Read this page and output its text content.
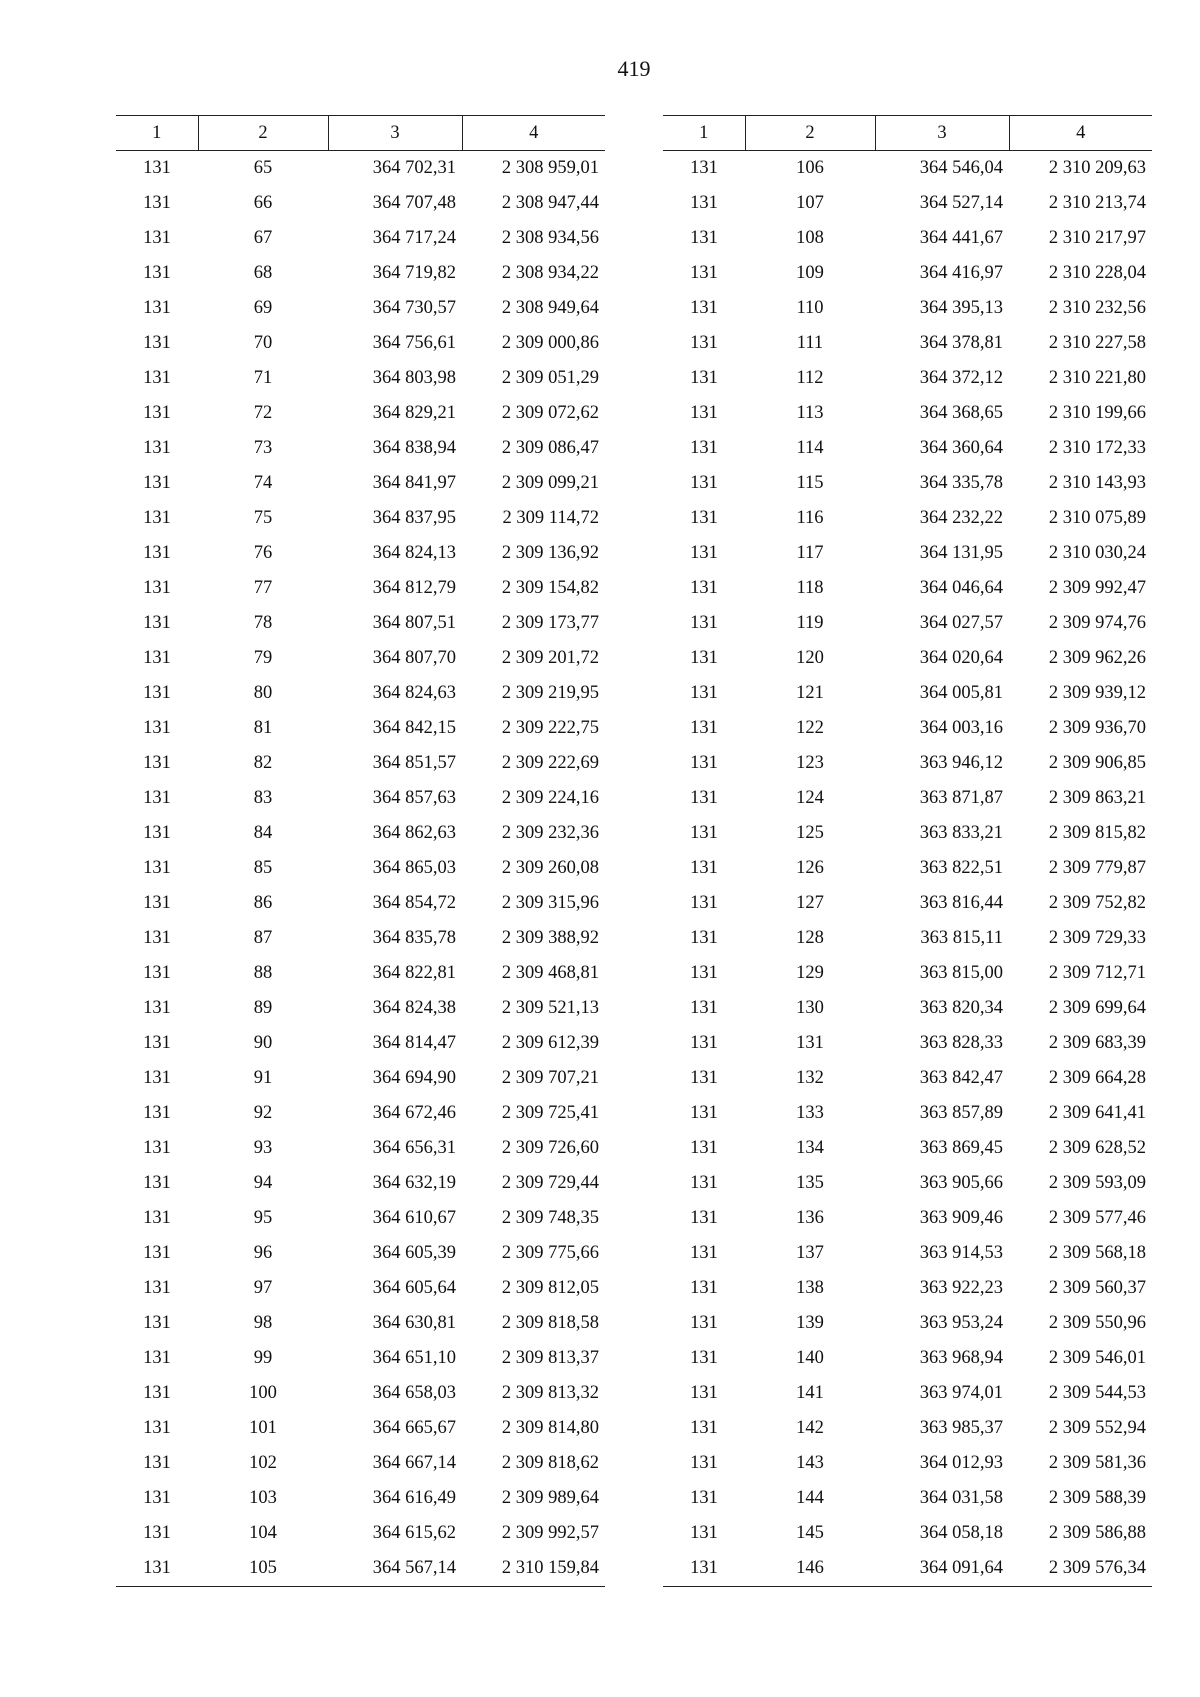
419
1	2	3	4
131	65	364 702,31	2 308 959,01
131	66	364 707,48	2 308 947,44
131	67	364 717,24	2 308 934,56
131	68	364 719,82	2 308 934,22
131	69	364 730,57	2 308 949,64
131	70	364 756,61	2 309 000,86
131	71	364 803,98	2 309 051,29
131	72	364 829,21	2 309 072,62
131	73	364 838,94	2 309 086,47
131	74	364 841,97	2 309 099,21
131	75	364 837,95	2 309 114,72
131	76	364 824,13	2 309 136,92
131	77	364 812,79	2 309 154,82
131	78	364 807,51	2 309 173,77
131	79	364 807,70	2 309 201,72
131	80	364 824,63	2 309 219,95
131	81	364 842,15	2 309 222,75
131	82	364 851,57	2 309 222,69
131	83	364 857,63	2 309 224,16
131	84	364 862,63	2 309 232,36
131	85	364 865,03	2 309 260,08
131	86	364 854,72	2 309 315,96
131	87	364 835,78	2 309 388,92
131	88	364 822,81	2 309 468,81
131	89	364 824,38	2 309 521,13
131	90	364 814,47	2 309 612,39
131	91	364 694,90	2 309 707,21
131	92	364 672,46	2 309 725,41
131	93	364 656,31	2 309 726,60
131	94	364 632,19	2 309 729,44
131	95	364 610,67	2 309 748,35
131	96	364 605,39	2 309 775,66
131	97	364 605,64	2 309 812,05
131	98	364 630,81	2 309 818,58
131	99	364 651,10	2 309 813,37
131	100	364 658,03	2 309 813,32
131	101	364 665,67	2 309 814,80
131	102	364 667,14	2 309 818,62
131	103	364 616,49	2 309 989,64
131	104	364 615,62	2 309 992,57
131	105	364 567,14	2 310 159,84
1	2	3	4
131	106	364 546,04	2 310 209,63
131	107	364 527,14	2 310 213,74
131	108	364 441,67	2 310 217,97
131	109	364 416,97	2 310 228,04
131	110	364 395,13	2 310 232,56
131	111	364 378,81	2 310 227,58
131	112	364 372,12	2 310 221,80
131	113	364 368,65	2 310 199,66
131	114	364 360,64	2 310 172,33
131	115	364 335,78	2 310 143,93
131	116	364 232,22	2 310 075,89
131	117	364 131,95	2 310 030,24
131	118	364 046,64	2 309 992,47
131	119	364 027,57	2 309 974,76
131	120	364 020,64	2 309 962,26
131	121	364 005,81	2 309 939,12
131	122	364 003,16	2 309 936,70
131	123	363 946,12	2 309 906,85
131	124	363 871,87	2 309 863,21
131	125	363 833,21	2 309 815,82
131	126	363 822,51	2 309 779,87
131	127	363 816,44	2 309 752,82
131	128	363 815,11	2 309 729,33
131	129	363 815,00	2 309 712,71
131	130	363 820,34	2 309 699,64
131	131	363 828,33	2 309 683,39
131	132	363 842,47	2 309 664,28
131	133	363 857,89	2 309 641,41
131	134	363 869,45	2 309 628,52
131	135	363 905,66	2 309 593,09
131	136	363 909,46	2 309 577,46
131	137	363 914,53	2 309 568,18
131	138	363 922,23	2 309 560,37
131	139	363 953,24	2 309 550,96
131	140	363 968,94	2 309 546,01
131	141	363 974,01	2 309 544,53
131	142	363 985,37	2 309 552,94
131	143	364 012,93	2 309 581,36
131	144	364 031,58	2 309 588,39
131	145	364 058,18	2 309 586,88
131	146	364 091,64	2 309 576,34
